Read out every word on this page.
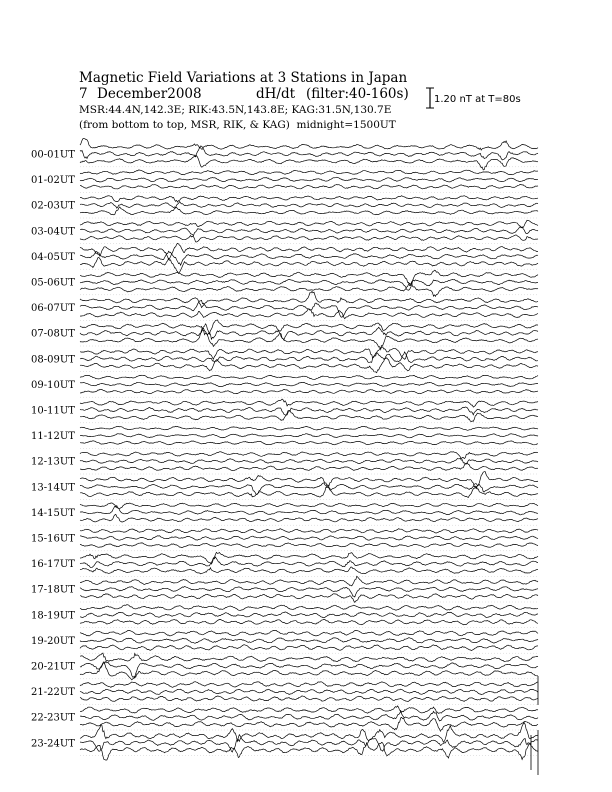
Magnetic Field Variations at 3 Stations in Japan
7 December2008	dH/dt (filter:40-160s)
MSR:44.4N,142.3E; RIK:43.5N,143.8E; KAG:31.5N,130.7E
(from bottom to top, MSR, RIK, & KAG) midnight=1500UT
1.20 nT at T=80s
00-01UT
01-02UT
02-03UT
03-04UT
04-05UT
05-06UT
06-07UT
07-08UT
08-09UT
09-10UT
10-11UT
11-12UT
12-13UT
13-14UT
14-15UT
15-16UT
16-17UT
17-18UT
18-19UT
19-20UT
20-21UT
21-22UT
22-23UT
23-24UT
